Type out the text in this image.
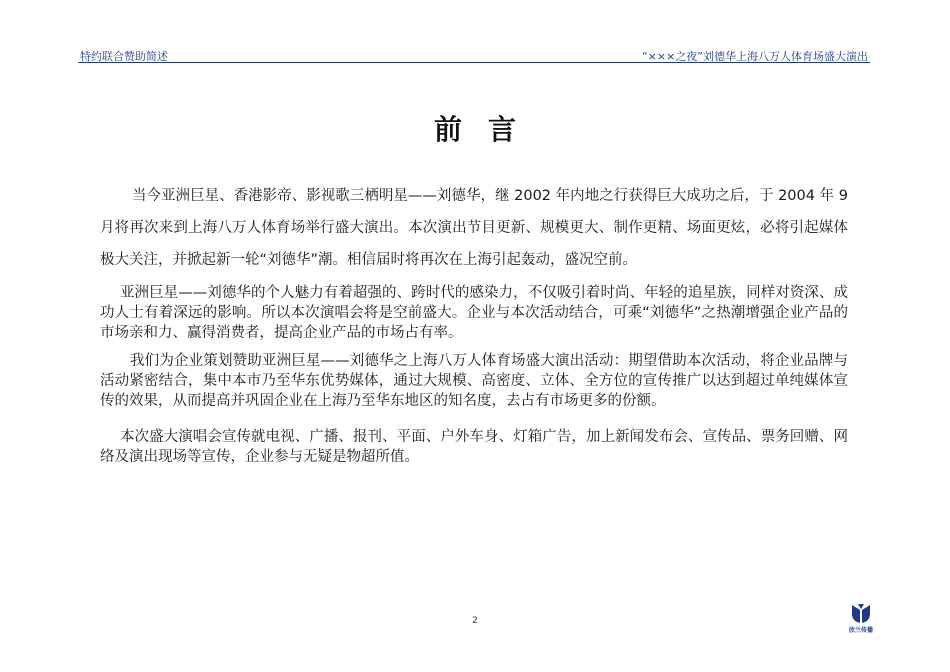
特约联合赞助简述	“×××之夜”刘德华上海八万人体育场盛大演出
前言
当今亚洲巨星、香港影帝、影视歌三栖明星——刘德华，继 2002 年内地之行获得巨大成功之后，于 2004 年 9 月将再次来到上海八万人体育场举行盛大演出。本次演出节目更新、规模更大、制作更精、场面更炫，必将引起媒体极大关注，并掀起新一轮“刘德华”潮。相信届时将再次在上海引起轰动，盛况空前。
亚洲巨星——刘德华的个人魅力有着超强的、跨时代的感染力，不仅吸引着时尚、年轻的追星族，同样对资深、成功人士有着深远的影响。所以本次演唱会将是空前盛大。企业与本次活动结合，可乘“刘德华”之热潮增强企业产品的市场亲和力、赢得消费者，提高企业产品的市场占有率。
我们为企业策划赞助亚洲巨星——刘德华之上海八万人体育场盛大演出活动：期望借助本次活动，将企业品牌与活动紧密结合，集中本市乃至华东优势媒体，通过大规模、高密度、立体、全方位的宣传推广以达到超过单纯媒体宣传的效果，从而提高并巩固企业在上海乃至华东地区的知名度，去占有市场更多的份额。
本次盛大演唱会宣传就电视、广播、报刊、平面、户外车身、灯箱广告，加上新闻发布会、宣传品、票务回赠、网络及演出现场等宣传，企业参与无疑是物超所值。
2
欣兰传播
